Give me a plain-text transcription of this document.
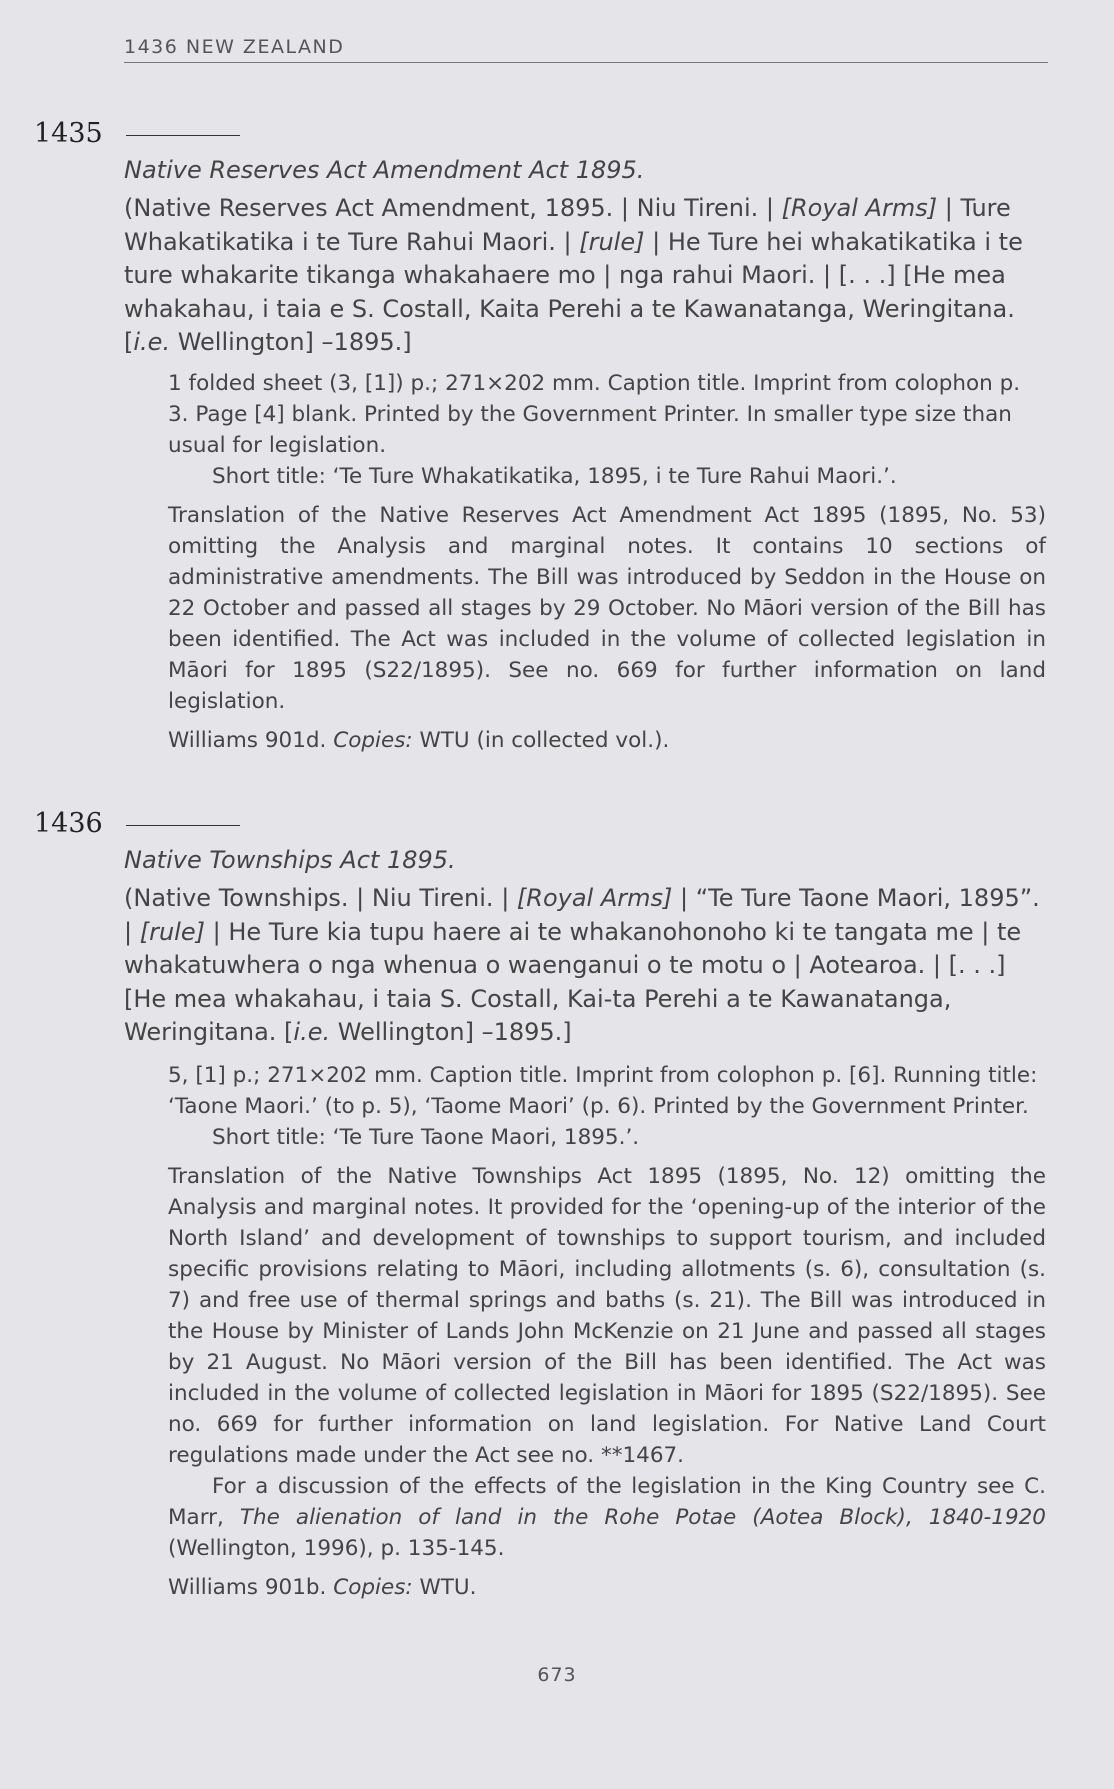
1436 NEW ZEALAND
1435
Native Reserves Act Amendment Act 1895.
(Native Reserves Act Amendment, 1895. | Niu Tireni. | [Royal Arms] | Ture Whakatikatika i te Ture Rahui Maori. | [rule] | He Ture hei whakatikatika i te ture whakarite tikanga whakahaere mo | nga rahui Maori. | [. . .] [He mea whakahau, i taia e S. Costall, Kaita Perehi a te Kawanatanga, Weringitana. [i.e. Wellington] –1895.]

1 folded sheet (3, [1]) p.; 271×202 mm. Caption title. Imprint from colophon p. 3. Page [4] blank. Printed by the Government Printer. In smaller type size than usual for legislation.

Short title: ‘Te Ture Whakatikatika, 1895, i te Ture Rahui Maori.’.

Translation of the Native Reserves Act Amendment Act 1895 (1895, No. 53) omitting the Analysis and marginal notes. It contains 10 sections of administrative amendments. The Bill was introduced by Seddon in the House on 22 October and passed all stages by 29 October. No Māori version of the Bill has been identified. The Act was included in the volume of collected legislation in Māori for 1895 (S22/1895). See no. 669 for further information on land legislation.

Williams 901d. Copies: WTU (in collected vol.).

1436
Native Townships Act 1895.
(Native Townships. | Niu Tireni. | [Royal Arms] | “Te Ture Taone Maori, 1895”. | [rule] | He Ture kia tupu haere ai te whakanohonoho ki te tangata me | te whakatuwhera o nga whenua o waenganui o te motu o | Aotearoa. | [. . .] [He mea whakahau, i taia S. Costall, Kai-ta Perehi a te Kawanatanga, Weringitana. [i.e. Wellington] –1895.]

5, [1] p.; 271×202 mm. Caption title. Imprint from colophon p. [6]. Running title: ‘Taone Maori.’ (to p. 5), ‘Taome Maori’ (p. 6). Printed by the Government Printer.

Short title: ‘Te Ture Taone Maori, 1895.’.

Translation of the Native Townships Act 1895 (1895, No. 12) omitting the Analysis and marginal notes. It provided for the ‘opening-up of the interior of the North Island’ and development of townships to support tourism, and included specific provisions relating to Māori, including allotments (s. 6), consultation (s. 7) and free use of thermal springs and baths (s. 21). The Bill was introduced in the House by Minister of Lands John McKenzie on 21 June and passed all stages by 21 August. No Māori version of the Bill has been identified. The Act was included in the volume of collected legislation in Māori for 1895 (S22/1895). See no. 669 for further information on land legislation. For Native Land Court regulations made under the Act see no. **1467.

For a discussion of the effects of the legislation in the King Country see C. Marr, The alienation of land in the Rohe Potae (Aotea Block), 1840-1920 (Wellington, 1996), p. 135-145.

Williams 901b. Copies: WTU.

673
